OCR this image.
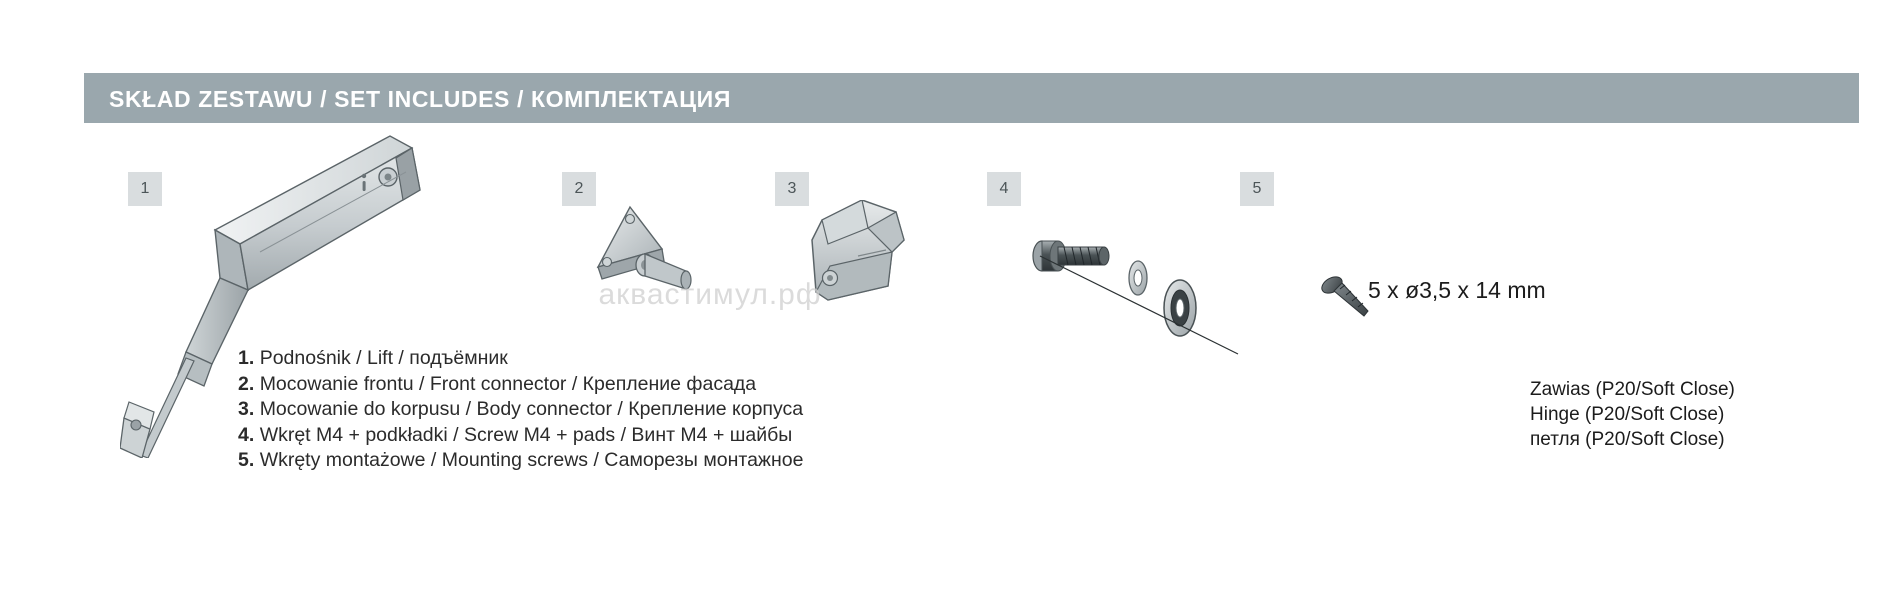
SKŁAD ZESTAWU / SET INCLUDES / КОМПЛЕКТАЦИЯ
1	2	3	4	5
аквастимул.рф
1. Podnośnik / Lift / подъёмник
2. Mocowanie frontu / Front connector / Крепление фасада
3. Mocowanie do korpusu / Body connector / Крепление корпуса
4. Wkręt M4 + podkładki / Screw M4 + pads / Винт М4 + шайбы
5. Wkręty montażowe / Mounting screws / Саморезы монтажное
5 x ø3,5 x 14 mm
Zawias (P20/Soft Close)
Hinge (P20/Soft Close)
петля (P20/Soft Close)
